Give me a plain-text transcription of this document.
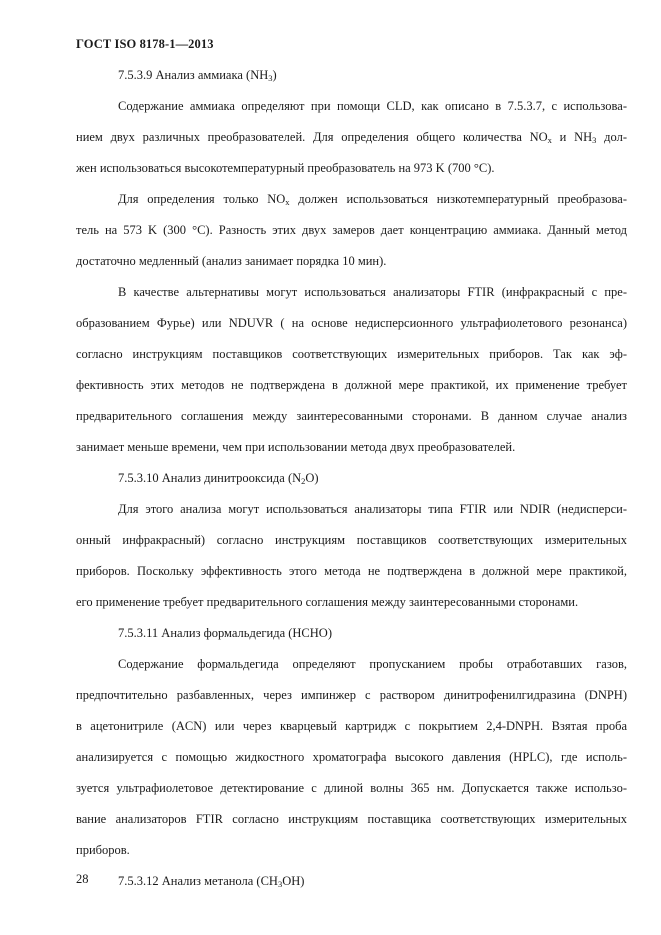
ГОСТ ISO 8178-1—2013
7.5.3.9 Анализ аммиака $(NH_3)$
Содержание аммиака определяют при помощи CLD, как описано в 7.5.3.7, с использова-
нием двух различных преобразователей. Для определения общего количества $NO_x$ и $NH_3$ дол-
жен использоваться высокотемпературный преобразователь на 973 K (700 °C).
Для определения только $NO_x$ должен использоваться низкотемпературный преобразова-
тель на 573 K (300 °C). Разность этих двух замеров дает концентрацию аммиака. Данный метод
достаточно медленный (анализ занимает порядка 10 мин).
В качестве альтернативы могут использоваться анализаторы FTIR (инфракрасный с пре-
образованием Фурье) или NDUVR ( на основе недисперсионного ультрафиолетового резонанса)
согласно инструкциям поставщиков соответствующих измерительных приборов. Так как эф-
фективность этих методов не подтверждена в должной мере практикой, их применение требует
предварительного соглашения между заинтересованными сторонами. В данном случае анализ
занимает меньше времени, чем при использовании метода двух преобразователей.
7.5.3.10 Анализ динитрооксида $(N_2O)$
Для этого анализа могут использоваться анализаторы типа FTIR или NDIR (недисперси-
онный инфракрасный) согласно инструкциям поставщиков соответствующих измерительных
приборов. Поскольку эффективность этого метода не подтверждена в должной мере практикой,
его применение требует предварительного соглашения между заинтересованными сторонами.
7.5.3.11 Анализ формальдегида (HCHO)
Содержание формальдегида определяют пропусканием пробы отработавших газов,
предпочтительно разбавленных, через импинжер с раствором динитрофенилгидразина (DNPH)
в ацетонитриле (ACN) или через кварцевый картридж с покрытием 2,4-DNPH. Взятая проба
анализируется с помощью жидкостного хроматографа высокого давления (HPLC), где исполь-
зуется ультрафиолетовое детектирование с длиной волны 365 нм. Допускается также использо-
вание анализаторов FTIR согласно инструкциям поставщика соответствующих измерительных
приборов.
7.5.3.12 Анализ метанола $(CH_3OH)$
28
